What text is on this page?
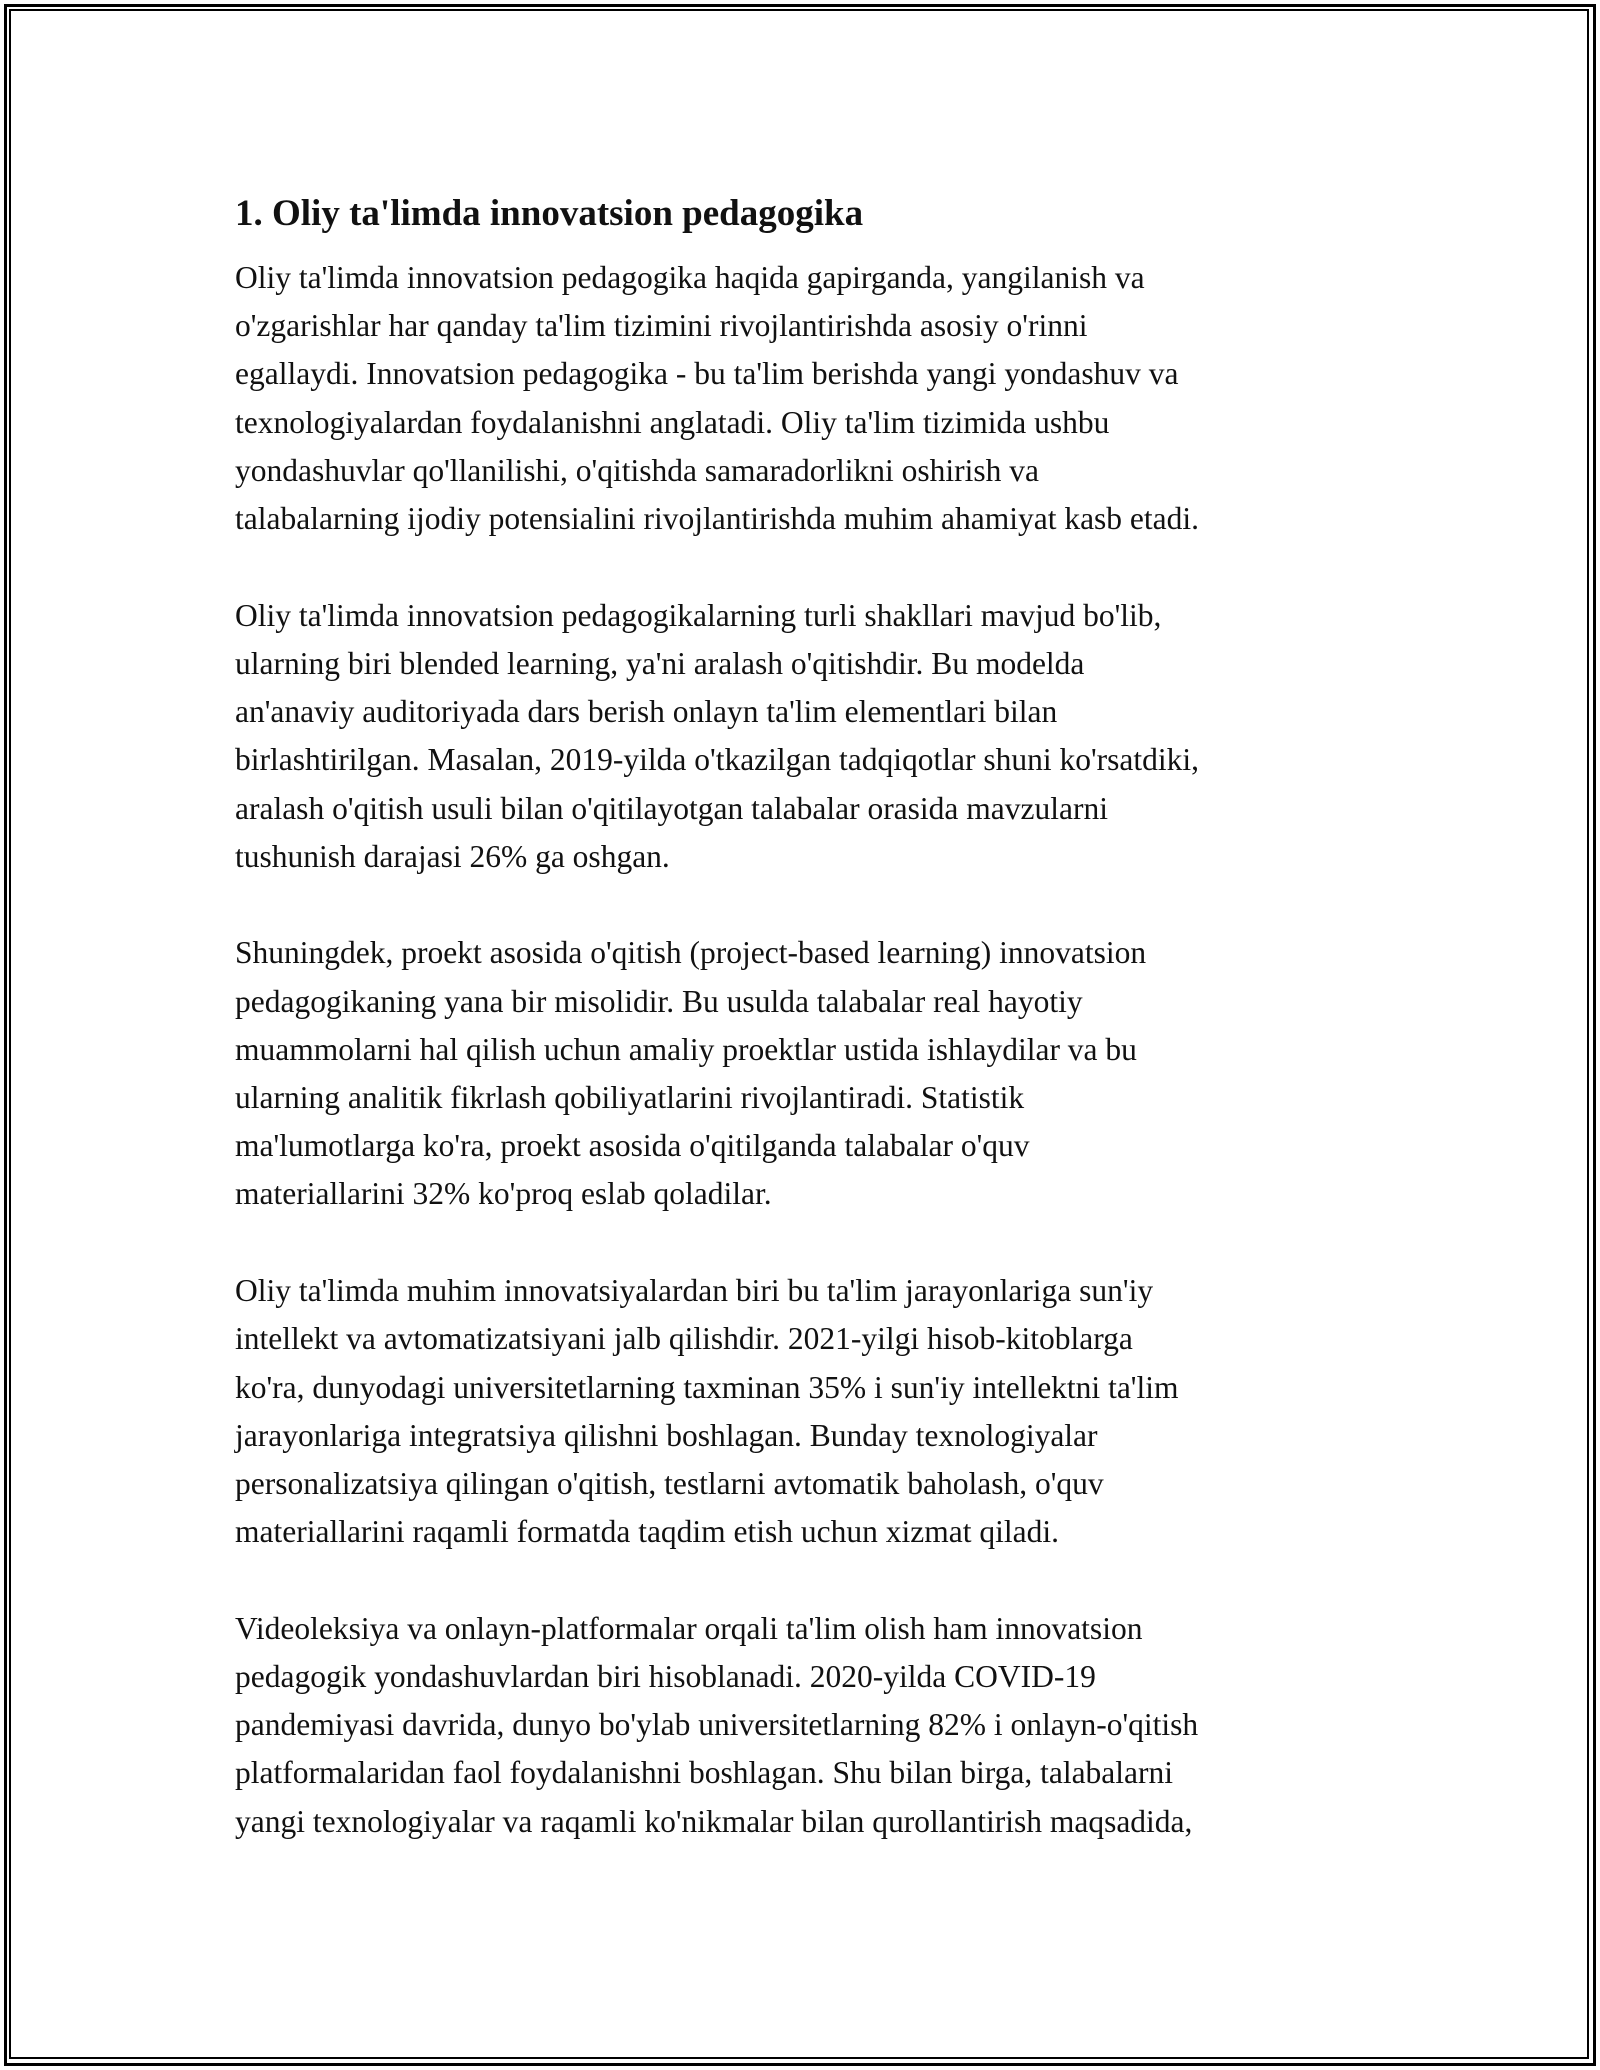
1. Oliy ta'limda innovatsion pedagogika
Oliy ta'limda innovatsion pedagogika haqida gapirganda, yangilanish va
o'zgarishlar har qanday ta'lim tizimini rivojlantirishda asosiy o'rinni
egallaydi. Innovatsion pedagogika - bu ta'lim berishda yangi yondashuv va
texnologiyalardan foydalanishni anglatadi. Oliy ta'lim tizimida ushbu
yondashuvlar qo'llanilishi, o'qitishda samaradorlikni oshirish va
talabalarning ijodiy potensialini rivojlantirishda muhim ahamiyat kasb etadi.
Oliy ta'limda innovatsion pedagogikalarning turli shakllari mavjud bo'lib,
ularning biri blended learning, ya'ni aralash o'qitishdir. Bu modelda
an'anaviy auditoriyada dars berish onlayn ta'lim elementlari bilan
birlashtirilgan. Masalan, 2019-yilda o'tkazilgan tadqiqotlar shuni ko'rsatdiki,
aralash o'qitish usuli bilan o'qitilayotgan talabalar orasida mavzularni
tushunish darajasi 26% ga oshgan.
Shuningdek, proekt asosida o'qitish (project-based learning) innovatsion
pedagogikaning yana bir misolidir. Bu usulda talabalar real hayotiy
muammolarni hal qilish uchun amaliy proektlar ustida ishlaydilar va bu
ularning analitik fikrlash qobiliyatlarini rivojlantiradi. Statistik
ma'lumotlarga ko'ra, proekt asosida o'qitilganda talabalar o'quv
materiallarini 32% ko'proq eslab qoladilar.
Oliy ta'limda muhim innovatsiyalardan biri bu ta'lim jarayonlariga sun'iy
intellekt va avtomatizatsiyani jalb qilishdir. 2021-yilgi hisob-kitoblarga
ko'ra, dunyodagi universitetlarning taxminan 35% i sun'iy intellektni ta'lim
jarayonlariga integratsiya qilishni boshlagan. Bunday texnologiyalar
personalizatsiya qilingan o'qitish, testlarni avtomatik baholash, o'quv
materiallarini raqamli formatda taqdim etish uchun xizmat qiladi.
Videoleksiya va onlayn-platformalar orqali ta'lim olish ham innovatsion
pedagogik yondashuvlardan biri hisoblanadi. 2020-yilda COVID-19
pandemiyasi davrida, dunyo bo'ylab universitetlarning 82% i onlayn-o'qitish
platformalaridan faol foydalanishni boshlagan. Shu bilan birga, talabalarni
yangi texnologiyalar va raqamli ko'nikmalar bilan qurollantirish maqsadida,
